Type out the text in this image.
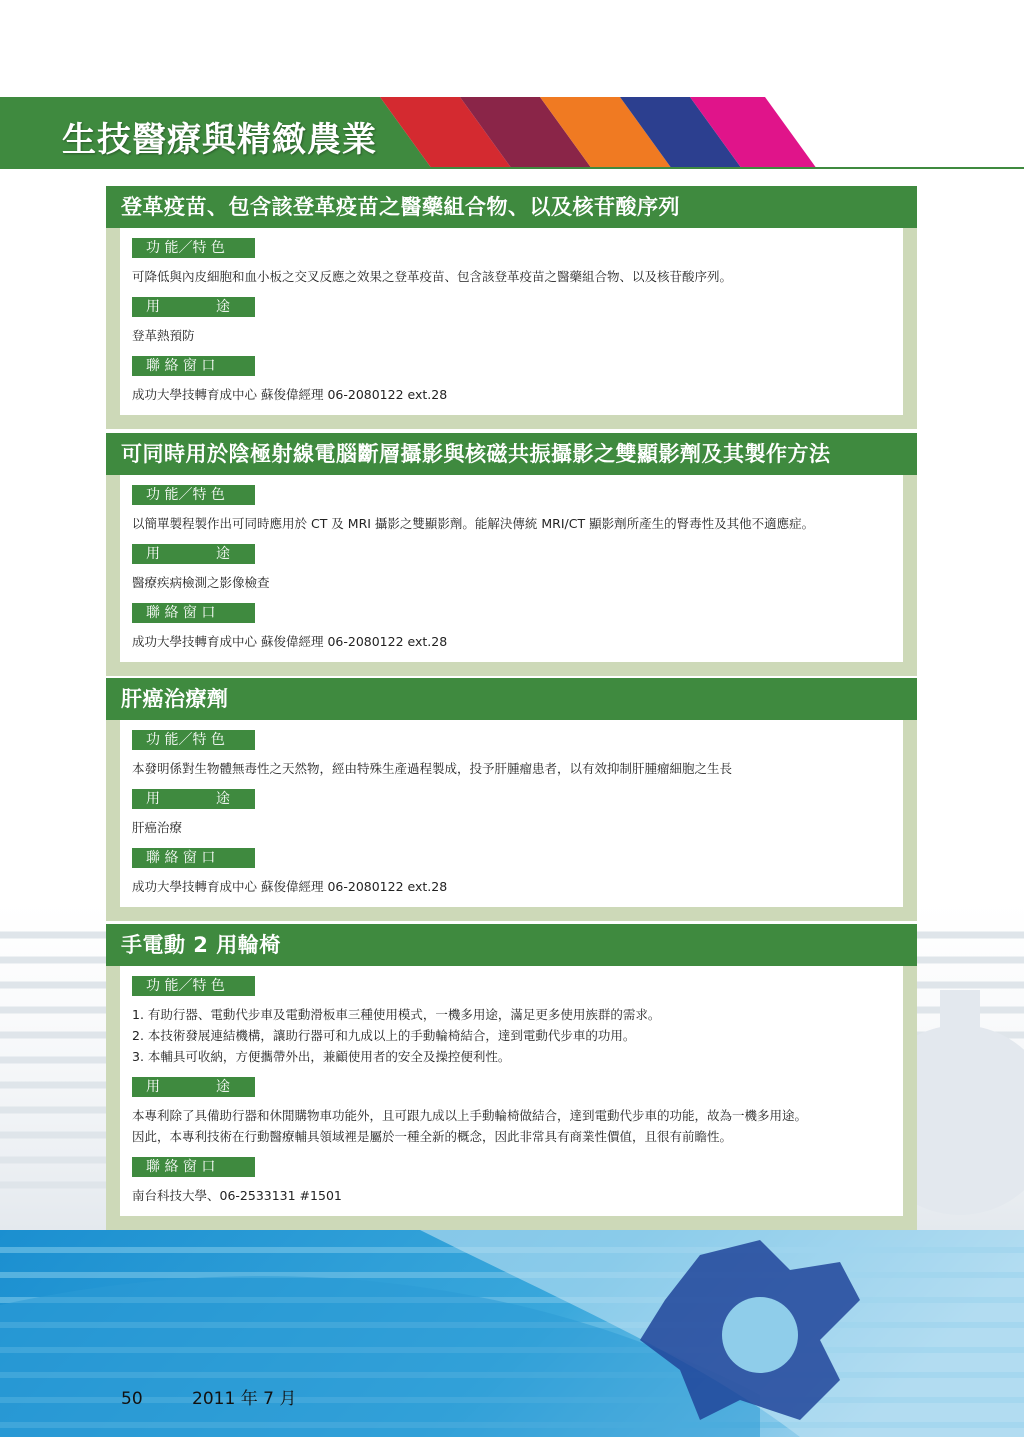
生技醫療與精緻農業
登革疫苗、包含該登革疫苗之醫藥組合物、以及核苷酸序列
功 能／特 色
可降低與內皮細胞和血小板之交叉反應之效果之登革疫苗、包含該登革疫苗之醫藥組合物、以及核苷酸序列。
用　　　　途
登革熱預防
聯 絡 窗 口
成功大學技轉育成中心 蘇俊偉經理 06-2080122 ext.28
可同時用於陰極射線電腦斷層攝影與核磁共振攝影之雙顯影劑及其製作方法
功 能／特 色
以簡單製程製作出可同時應用於 CT 及 MRI 攝影之雙顯影劑。能解決傳統 MRI/CT 顯影劑所產生的腎毒性及其他不適應症。
用　　　　途
醫療疾病檢測之影像檢查
聯 絡 窗 口
成功大學技轉育成中心 蘇俊偉經理 06-2080122 ext.28
肝癌治療劑
功 能／特 色
本發明係對生物體無毒性之天然物，經由特殊生產過程製成，投予肝腫瘤患者，以有效抑制肝腫瘤細胞之生長
用　　　　途
肝癌治療
聯 絡 窗 口
成功大學技轉育成中心 蘇俊偉經理 06-2080122 ext.28
手電動 2 用輪椅
功 能／特 色
1. 有助行器、電動代步車及電動滑板車三種使用模式，一機多用途，滿足更多使用族群的需求。
2. 本技術發展連結機構，讓助行器可和九成以上的手動輪椅結合，達到電動代步車的功用。
3. 本輔具可收納，方便攜帶外出，兼顧使用者的安全及操控便利性。
用　　　　途
本專利除了具備助行器和休閒購物車功能外，且可跟九成以上手動輪椅做結合，達到電動代步車的功能，故為一機多用途。
因此，本專利技術在行動醫療輔具領域裡是屬於一種全新的概念，因此非常具有商業性價值，且很有前瞻性。
聯 絡 窗 口
南台科技大學、06-2533131 #1501
50	2011 年 7 月
